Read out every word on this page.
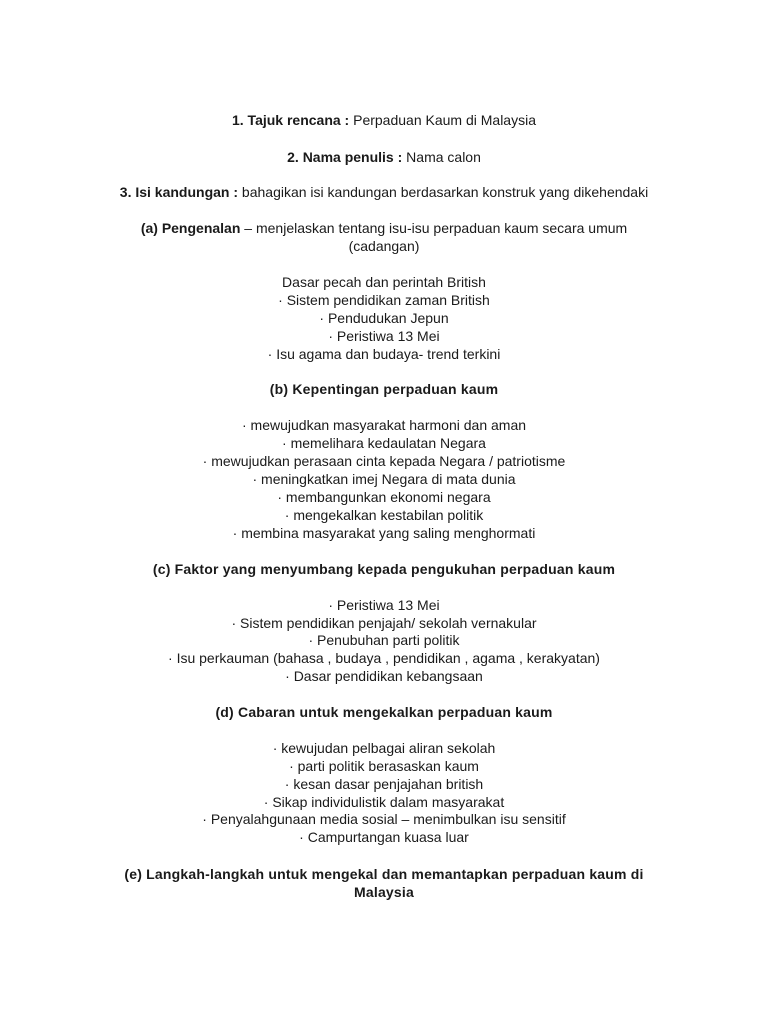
1. Tajuk rencana : Perpaduan Kaum di Malaysia
2. Nama penulis : Nama calon
3. Isi kandungan : bahagikan isi kandungan berdasarkan konstruk yang dikehendaki
(a) Pengenalan – menjelaskan tentang isu-isu perpaduan kaum secara umum
(cadangan)
Dasar pecah dan perintah British
· Sistem pendidikan zaman British
· Pendudukan Jepun
· Peristiwa 13 Mei
· Isu agama dan budaya- trend terkini
(b) Kepentingan perpaduan kaum
· mewujudkan masyarakat harmoni dan aman
· memelihara kedaulatan Negara
· mewujudkan perasaan cinta kepada Negara / patriotisme
· meningkatkan imej Negara di mata dunia
· membangunkan ekonomi negara
· mengekalkan kestabilan politik
· membina masyarakat yang saling menghormati
(c) Faktor yang menyumbang kepada pengukuhan perpaduan kaum
· Peristiwa 13 Mei
· Sistem pendidikan penjajah/ sekolah vernakular
· Penubuhan parti politik
· Isu perkauman (bahasa , budaya , pendidikan , agama , kerakyatan)
· Dasar pendidikan kebangsaan
(d) Cabaran untuk mengekalkan perpaduan kaum
· kewujudan pelbagai aliran sekolah
· parti politik berasaskan kaum
· kesan dasar penjajahan british
· Sikap individulistik dalam masyarakat
· Penyalahgunaan media sosial – menimbulkan isu sensitif
· Campurtangan kuasa luar
(e) Langkah-langkah untuk mengekal dan memantapkan perpaduan kaum di
Malaysia
